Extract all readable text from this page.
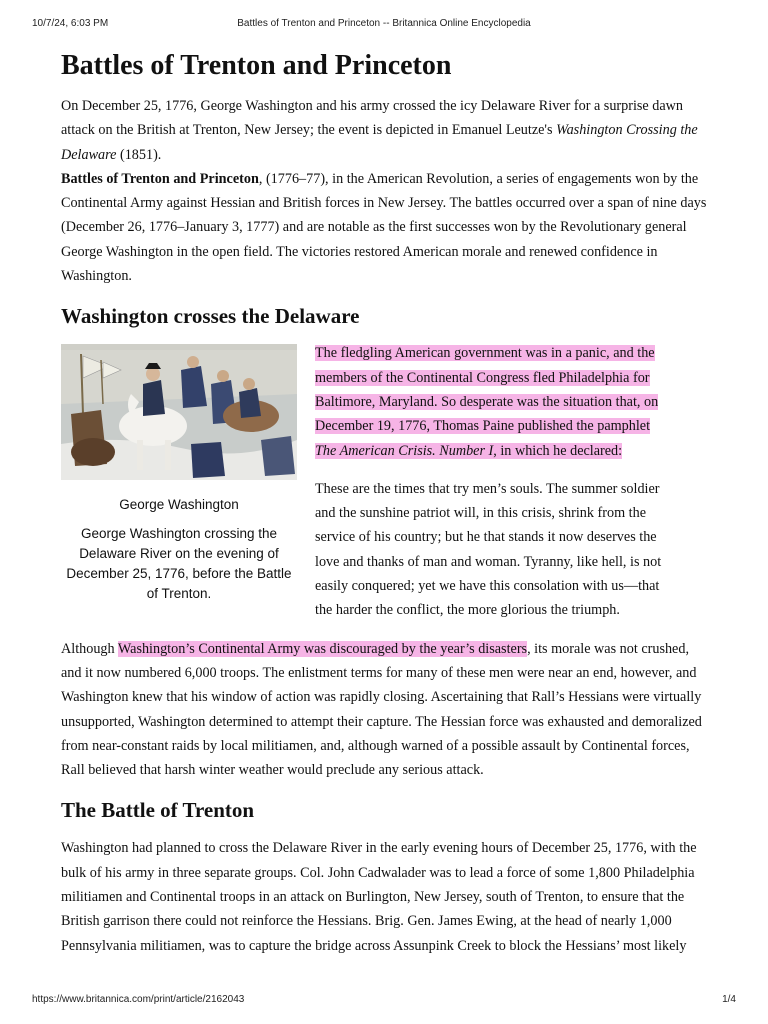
10/7/24, 6:03 PM	Battles of Trenton and Princeton -- Britannica Online Encyclopedia
Battles of Trenton and Princeton

On December 25, 1776, George Washington and his army crossed the icy Delaware River for a surprise dawn attack on the British at Trenton, New Jersey; the event is depicted in Emanuel Leutze's Washington Crossing the Delaware (1851).

Battles of Trenton and Princeton, (1776–77), in the American Revolution, a series of engagements won by the Continental Army against Hessian and British forces in New Jersey. The battles occurred over a span of nine days (December 26, 1776–January 3, 1777) and are notable as the first successes won by the Revolutionary general George Washington in the open field. The victories restored American morale and renewed confidence in Washington.

Washington crosses the Delaware
George Washington
George Washington crossing the Delaware River on the evening of December 25, 1776, before the Battle of Trenton.

The fledgling American government was in a panic, and the members of the Continental Congress fled Philadelphia for Baltimore, Maryland. So desperate was the situation that, on December 19, 1776, Thomas Paine published the pamphlet The American Crisis. Number I, in which he declared:

These are the times that try men’s souls. The summer soldier and the sunshine patriot will, in this crisis, shrink from the service of his country; but he that stands it now deserves the love and thanks of man and woman. Tyranny, like hell, is not easily conquered; yet we have this consolation with us—that the harder the conflict, the more glorious the triumph.

Although Washington’s Continental Army was discouraged by the year’s disasters, its morale was not crushed, and it now numbered 6,000 troops. The enlistment terms for many of these men were near an end, however, and Washington knew that his window of action was rapidly closing. Ascertaining that Rall’s Hessians were virtually unsupported, Washington determined to attempt their capture. The Hessian force was exhausted and demoralized from near-constant raids by local militiamen, and, although warned of a possible assault by Continental forces, Rall believed that harsh winter weather would preclude any serious attack.

The Battle of Trenton

Washington had planned to cross the Delaware River in the early evening hours of December 25, 1776, with the bulk of his army in three separate groups. Col. John Cadwalader was to lead a force of some 1,800 Philadelphia militiamen and Continental troops in an attack on Burlington, New Jersey, south of Trenton, to ensure that the British garrison there could not reinforce the Hessians. Brig. Gen. James Ewing, at the head of nearly 1,000 Pennsylvania militiamen, was to capture the bridge across Assunpink Creek to block the Hessians’ most likely

https://www.britannica.com/print/article/2162043	1/4
